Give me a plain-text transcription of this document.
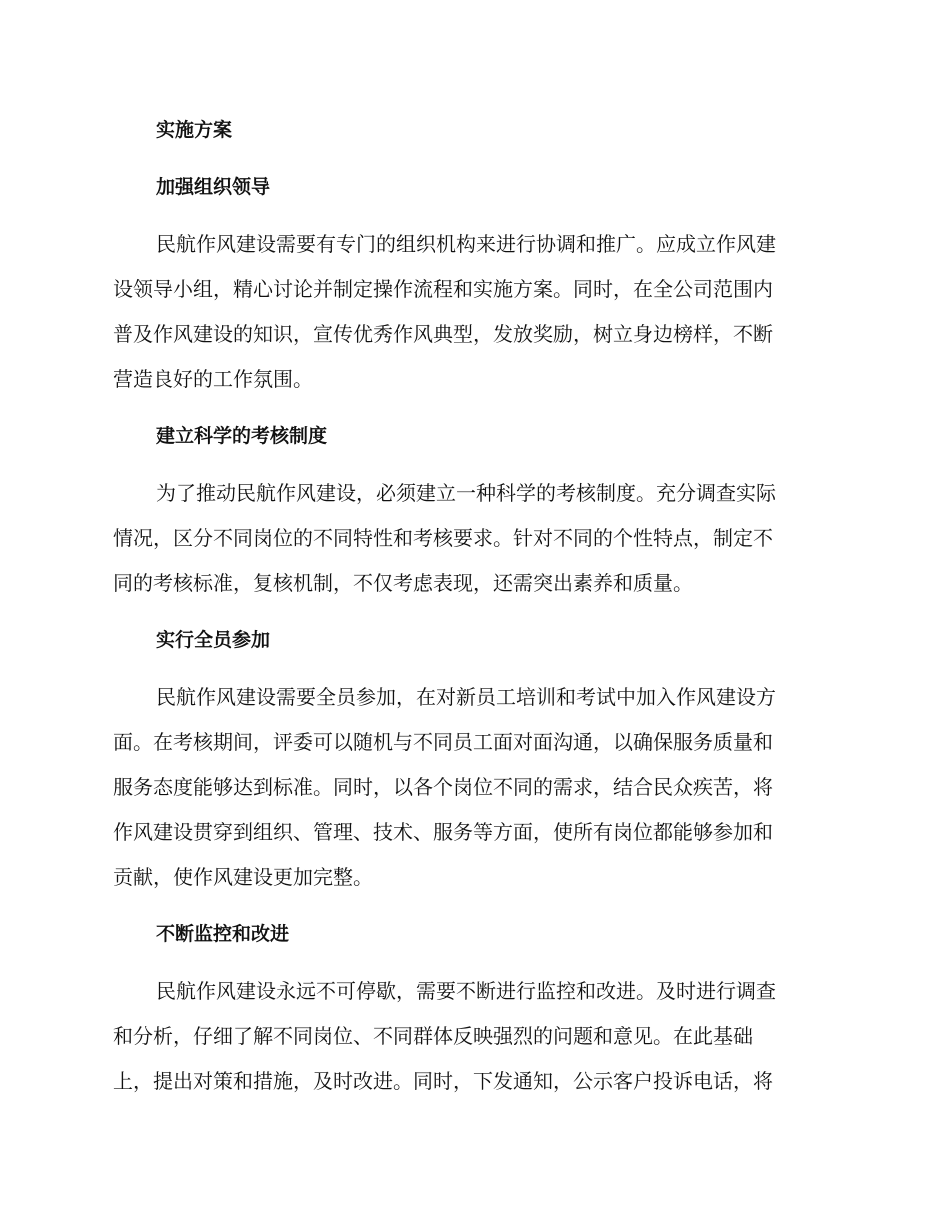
实施方案
加强组织领导
民航作风建设需要有专门的组织机构来进行协调和推广。应成立作风建
设领导小组，精心讨论并制定操作流程和实施方案。同时，在全公司范围内
普及作风建设的知识，宣传优秀作风典型，发放奖励，树立身边榜样，不断
营造良好的工作氛围。
建立科学的考核制度
为了推动民航作风建设，必须建立一种科学的考核制度。充分调查实际
情况，区分不同岗位的不同特性和考核要求。针对不同的个性特点，制定不
同的考核标准，复核机制，不仅考虑表现，还需突出素养和质量。
实行全员参加
民航作风建设需要全员参加，在对新员工培训和考试中加入作风建设方
面。在考核期间，评委可以随机与不同员工面对面沟通，以确保服务质量和
服务态度能够达到标准。同时，以各个岗位不同的需求，结合民众疾苦，将
作风建设贯穿到组织、管理、技术、服务等方面，使所有岗位都能够参加和
贡献，使作风建设更加完整。
不断监控和改进
民航作风建设永远不可停歇，需要不断进行监控和改进。及时进行调查
和分析，仔细了解不同岗位、不同群体反映强烈的问题和意见。在此基础
上，提出对策和措施，及时改进。同时，下发通知，公示客户投诉电话，将
